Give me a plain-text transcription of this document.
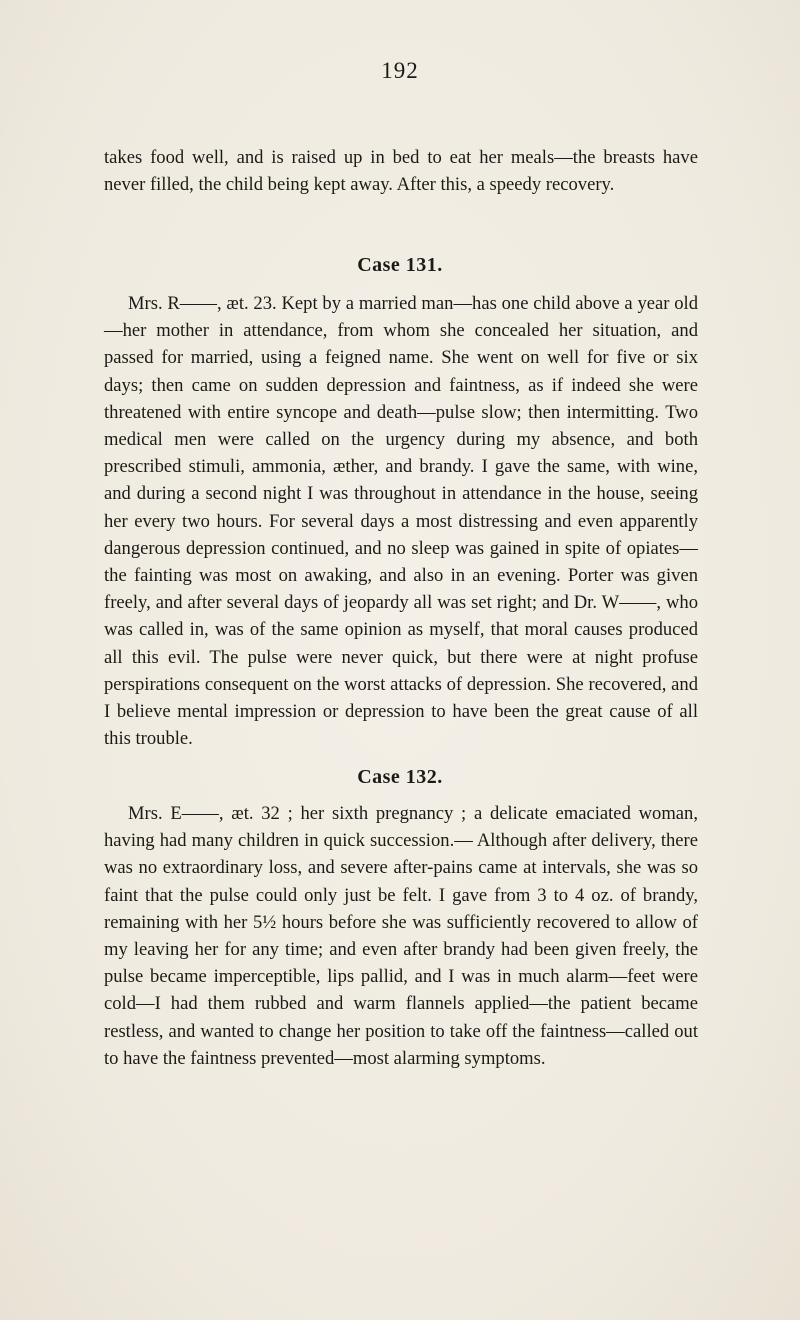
192

takes food well, and is raised up in bed to eat her meals—the breasts have never filled, the child being kept away. After this, a speedy recovery.

Case 131.

Mrs. R——, æt. 23. Kept by a married man—has one child above a year old—her mother in attendance, from whom she concealed her situation, and passed for married, using a feigned name. She went on well for five or six days; then came on sudden depression and faintness, as if indeed she were threatened with entire syncope and death—pulse slow; then intermitting. Two medical men were called on the urgency during my absence, and both prescribed stimuli, ammonia, æther, and brandy. I gave the same, with wine, and during a second night I was throughout in attendance in the house, seeing her every two hours. For several days a most distressing and even apparently dangerous depression continued, and no sleep was gained in spite of opiates—the fainting was most on awaking, and also in an evening. Porter was given freely, and after several days of jeopardy all was set right; and Dr. W——, who was called in, was of the same opinion as myself, that moral causes produced all this evil. The pulse were never quick, but there were at night profuse perspirations consequent on the worst attacks of depression. She recovered, and I believe mental impression or depression to have been the great cause of all this trouble.

Case 132.

Mrs. E——, æt. 32 ; her sixth pregnancy ; a delicate emaciated woman, having had many children in quick succession.— Although after delivery, there was no extraordinary loss, and severe after-pains came at intervals, she was so faint that the pulse could only just be felt. I gave from 3 to 4 oz. of brandy, remaining with her 5½ hours before she was sufficiently recovered to allow of my leaving her for any time; and even after brandy had been given freely, the pulse became imperceptible, lips pallid, and I was in much alarm—feet were cold—I had them rubbed and warm flannels applied—the patient became restless, and wanted to change her position to take off the faintness—called out to have the faintness prevented—most alarming symptoms.
